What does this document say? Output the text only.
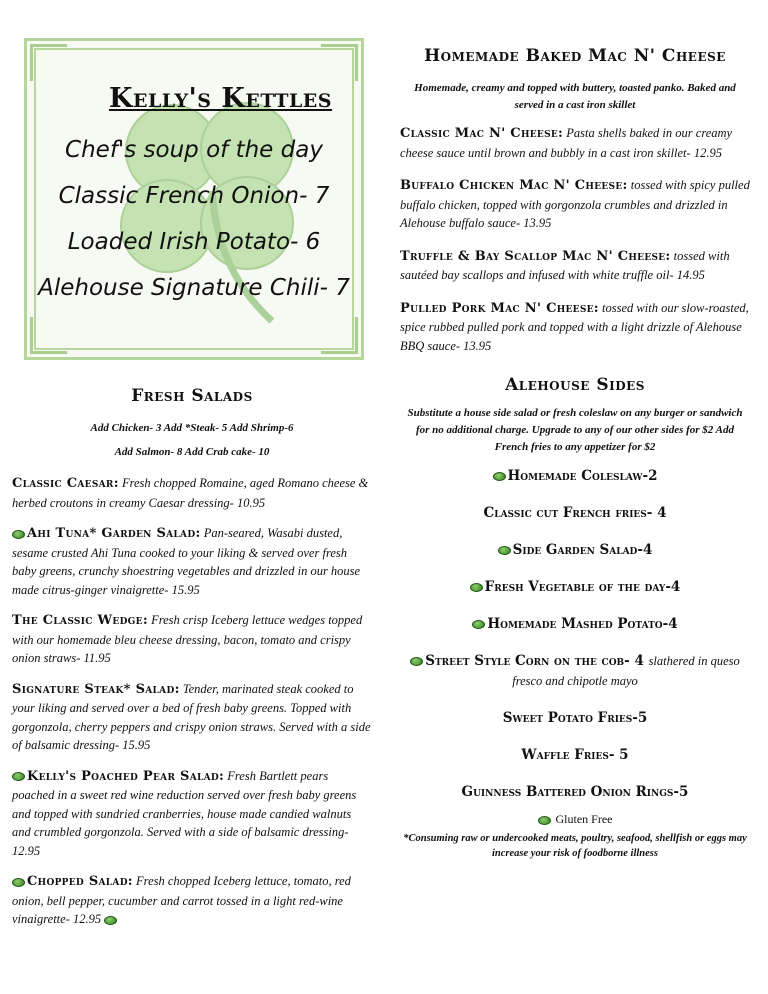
Kelly's Kettles
Chef's soup of the day
Classic French Onion- 7
Loaded Irish Potato- 6
Alehouse Signature Chili- 7
Fresh Salads

Add Chicken- 3 Add *Steak- 5 Add Shrimp-6

Add Salmon- 8 Add Crab cake- 10

Classic Caesar: Fresh chopped Romaine, aged Romano cheese & herbed croutons in creamy Caesar dressing- 10.95

Ahi Tuna* Garden Salad: Pan-seared, Wasabi dusted, sesame crusted Ahi Tuna cooked to your liking & served over fresh baby greens, crunchy shoestring vegetables and drizzled in our house made citrus-ginger vinaigrette- 15.95

The Classic Wedge: Fresh crisp Iceberg lettuce wedges topped with our homemade bleu cheese dressing, bacon, tomato and crispy onion straws- 11.95

Signature Steak* Salad: Tender, marinated steak cooked to your liking and served over a bed of fresh baby greens. Topped with gorgonzola, cherry peppers and crispy onion straws. Served with a side of balsamic dressing- 15.95

Kelly's Poached Pear Salad: Fresh Bartlett pears poached in a sweet red wine reduction served over fresh baby greens and topped with sundried cranberries, house made candied walnuts and crumbled gorgonzola. Served with a side of balsamic dressing- 12.95

Chopped Salad: Fresh chopped Iceberg lettuce, tomato, red onion, bell pepper, cucumber and carrot tossed in a light red-wine vinaigrette- 12.95

Homemade Baked Mac N' Cheese

Homemade, creamy and topped with buttery, toasted panko. Baked and served in a cast iron skillet

Classic Mac N' Cheese: Pasta shells baked in our creamy cheese sauce until brown and bubbly in a cast iron skillet- 12.95

Buffalo Chicken Mac N' Cheese: tossed with spicy pulled buffalo chicken, topped with gorgonzola crumbles and drizzled in Alehouse buffalo sauce- 13.95

Truffle & Bay Scallop Mac N' Cheese: tossed with sautéed bay scallops and infused with white truffle oil- 14.95

Pulled Pork Mac N' Cheese: tossed with our slow-roasted, spice rubbed pulled pork and topped with a light drizzle of Alehouse BBQ sauce- 13.95

Alehouse Sides

Substitute a house side salad or fresh coleslaw on any burger or sandwich for no additional charge. Upgrade to any of our other sides for $2 Add French fries to any appetizer for $2

Homemade Coleslaw-2
Classic cut French fries- 4
Side Garden Salad-4
Fresh Vegetable of the day-4
Homemade Mashed Potato-4
Street Style Corn on the cob- 4 slathered in queso fresco and chipotle mayo
Sweet Potato Fries-5
Waffle Fries- 5
Guinness Battered Onion Rings-5

Gluten Free

*Consuming raw or undercooked meats, poultry, seafood, shellfish or eggs may increase your risk of foodborne illness
